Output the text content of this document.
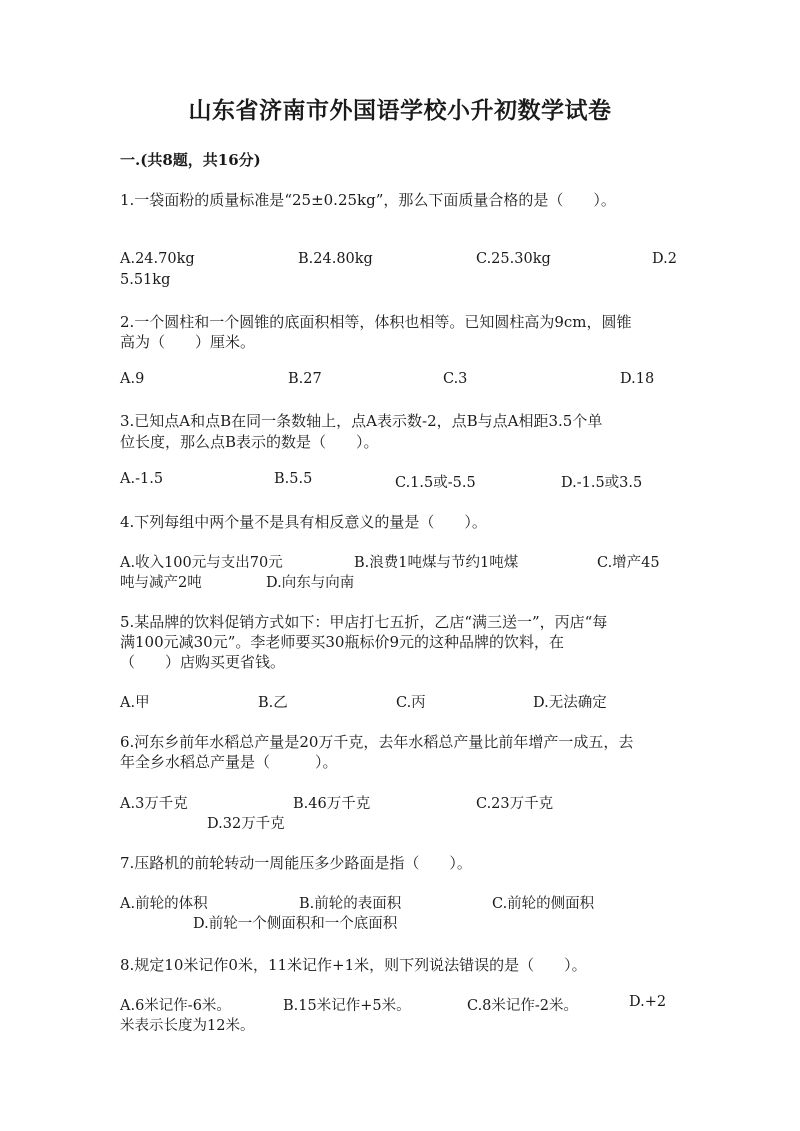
山东省济南市外国语学校小升初数学试卷
一.(共8题，共16分)
1.一袋面粉的质量标准是“25±0.25kg”，那么下面质量合格的是（　　）。
A.24.70kg	B.24.80kg	C.25.30kg	D.2
5.51kg
2.一个圆柱和一个圆锥的底面积相等，体积也相等。已知圆柱高为9cm，圆锥
高为（　　）厘米。
A.9	B.27	C.3	D.18
3.已知点A和点B在同一条数轴上，点A表示数-2，点B与点A相距3.5个单
位长度，那么点B表示的数是（　　）。
A.-1.5	B.5.5	C.1.5或-5.5	D.-1.5或3.5
4.下列每组中两个量不是具有相反意义的量是（　　）。
A.收入100元与支出70元	B.浪费1吨煤与节约1吨煤	C.增产45
吨与减产2吨	D.向东与向南
5.某品牌的饮料促销方式如下：甲店打七五折，乙店“满三送一”，丙店“每
满100元减30元”。李老师要买30瓶标价9元的这种品牌的饮料，在
（　　）店购买更省钱。
A.甲	B.乙	C.丙	D.无法确定
6.河东乡前年水稻总产量是20万千克，去年水稻总产量比前年增产一成五，去
年全乡水稻总产量是（　　　）。
A.3万千克	B.46万千克	C.23万千克
D.32万千克
7.压路机的前轮转动一周能压多少路面是指（　　）。
A.前轮的体积	B.前轮的表面积	C.前轮的侧面积
D.前轮一个侧面积和一个底面积
8.规定10米记作0米，11米记作+1米，则下列说法错误的是（　　）。
A.6米记作-6米。	B.15米记作+5米。	C.8米记作-2米。	D.+2
米表示长度为12米。
